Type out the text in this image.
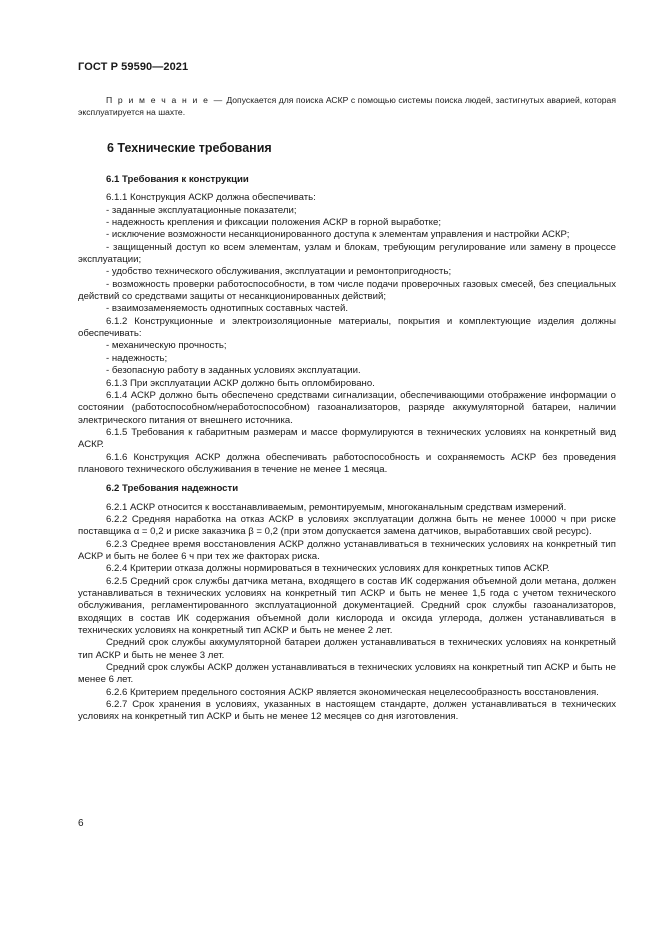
ГОСТ Р 59590—2021
П р и м е ч а н и е — Допускается для поиска АСКР с помощью системы поиска людей, застигнутых аварией, которая эксплуатируется на шахте.
6 Технические требования

6.1 Требования к конструкции

6.1.1 Конструкция АСКР должна обеспечивать:

- заданные эксплуатационные показатели;

- надежность крепления и фиксации положения АСКР в горной выработке;

- исключение возможности несанкционированного доступа к элементам управления и настройки АСКР;

- защищенный доступ ко всем элементам, узлам и блокам, требующим регулирование или замену в процессе эксплуатации;

- удобство технического обслуживания, эксплуатации и ремонтопригодность;

- возможность проверки работоспособности, в том числе подачи проверочных газовых смесей, без специальных действий со средствами защиты от несанкционированных действий;

- взаимозаменяемость однотипных составных частей.

6.1.2 Конструкционные и электроизоляционные материалы, покрытия и комплектующие изделия должны обеспечивать:

- механическую прочность;

- надежность;

- безопасную работу в заданных условиях эксплуатации.

6.1.3 При эксплуатации АСКР должно быть опломбировано.

6.1.4 АСКР должно быть обеспечено средствами сигнализации, обеспечивающими отображение информации о состоянии (работоспособном/неработоспособном) газоанализаторов, разряде аккумуляторной батареи, наличии электрического питания от внешнего источника.

6.1.5 Требования к габаритным размерам и массе формулируются в технических условиях на конкретный вид АСКР.

6.1.6 Конструкция АСКР должна обеспечивать работоспособность и сохраняемость АСКР без проведения планового технического обслуживания в течение не менее 1 месяца.

6.2 Требования надежности

6.2.1 АСКР относится к восстанавливаемым, ремонтируемым, многоканальным средствам измерений.

6.2.2 Средняя наработка на отказ АСКР в условиях эксплуатации должна быть не менее 10000 ч при риске поставщика α = 0,2 и риске заказчика β = 0,2 (при этом допускается замена датчиков, выработавших свой ресурс).

6.2.3 Среднее время восстановления АСКР должно устанавливаться в технических условиях на конкретный тип АСКР и быть не более 6 ч при тех же факторах риска.

6.2.4 Критерии отказа должны нормироваться в технических условиях для конкретных типов АСКР.

6.2.5 Средний срок службы датчика метана, входящего в состав ИК содержания объемной доли метана, должен устанавливаться в технических условиях на конкретный тип АСКР и быть не менее 1,5 года с учетом технического обслуживания, регламентированного эксплуатационной документацией. Средний срок службы газоанализаторов, входящих в состав ИК содержания объемной доли кислорода и оксида углерода, должен устанавливаться в технических условиях на конкретный тип АСКР и быть не менее 2 лет.

Средний срок службы аккумуляторной батареи должен устанавливаться в технических условиях на конкретный тип АСКР и быть не менее 3 лет.

Средний срок службы АСКР должен устанавливаться в технических условиях на конкретный тип АСКР и быть не менее 6 лет.

6.2.6 Критерием предельного состояния АСКР является экономическая нецелесообразность восстановления.

6.2.7 Срок хранения в условиях, указанных в настоящем стандарте, должен устанавливаться в технических условиях на конкретный тип АСКР и быть не менее 12 месяцев со дня изготовления.

6
